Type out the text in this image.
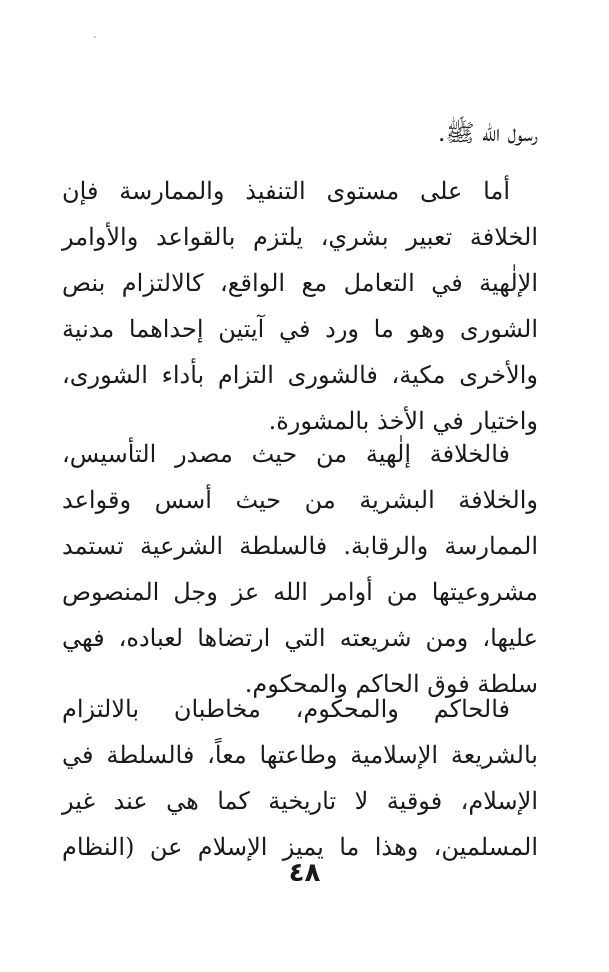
رسول الله ﷺ.
أما على مستوى التنفيذ والممارسة فإن
الخلافة تعبير بشري، يلتزم بالقواعد والأوامر
الإلٰهية في التعامل مع الواقع، كالالتزام بنص
الشورى وهو ما ورد في آيتين إحداهما مدنية
والأخرى مكية، فالشورى التزام بأداء الشورى،
واختيار في الأخذ بالمشورة.
فالخلافة إلٰهية من حيث مصدر التأسيس،
والخلافة البشرية من حيث أسس وقواعد
الممارسة والرقابة. فالسلطة الشرعية تستمد
مشروعيتها من أوامر الله عز وجل المنصوص
عليها، ومن شريعته التي ارتضاها لعباده، فهي
سلطة فوق الحاكم والمحكوم.
فالحاكم والمحكوم، مخاطبان بالالتزام
بالشريعة الإسلامية وطاعتها معاً، فالسلطة في
الإسلام، فوقية لا تاريخية كما هي عند غير
المسلمين، وهذا ما يميز الإسلام عن (النظام
٤٨
